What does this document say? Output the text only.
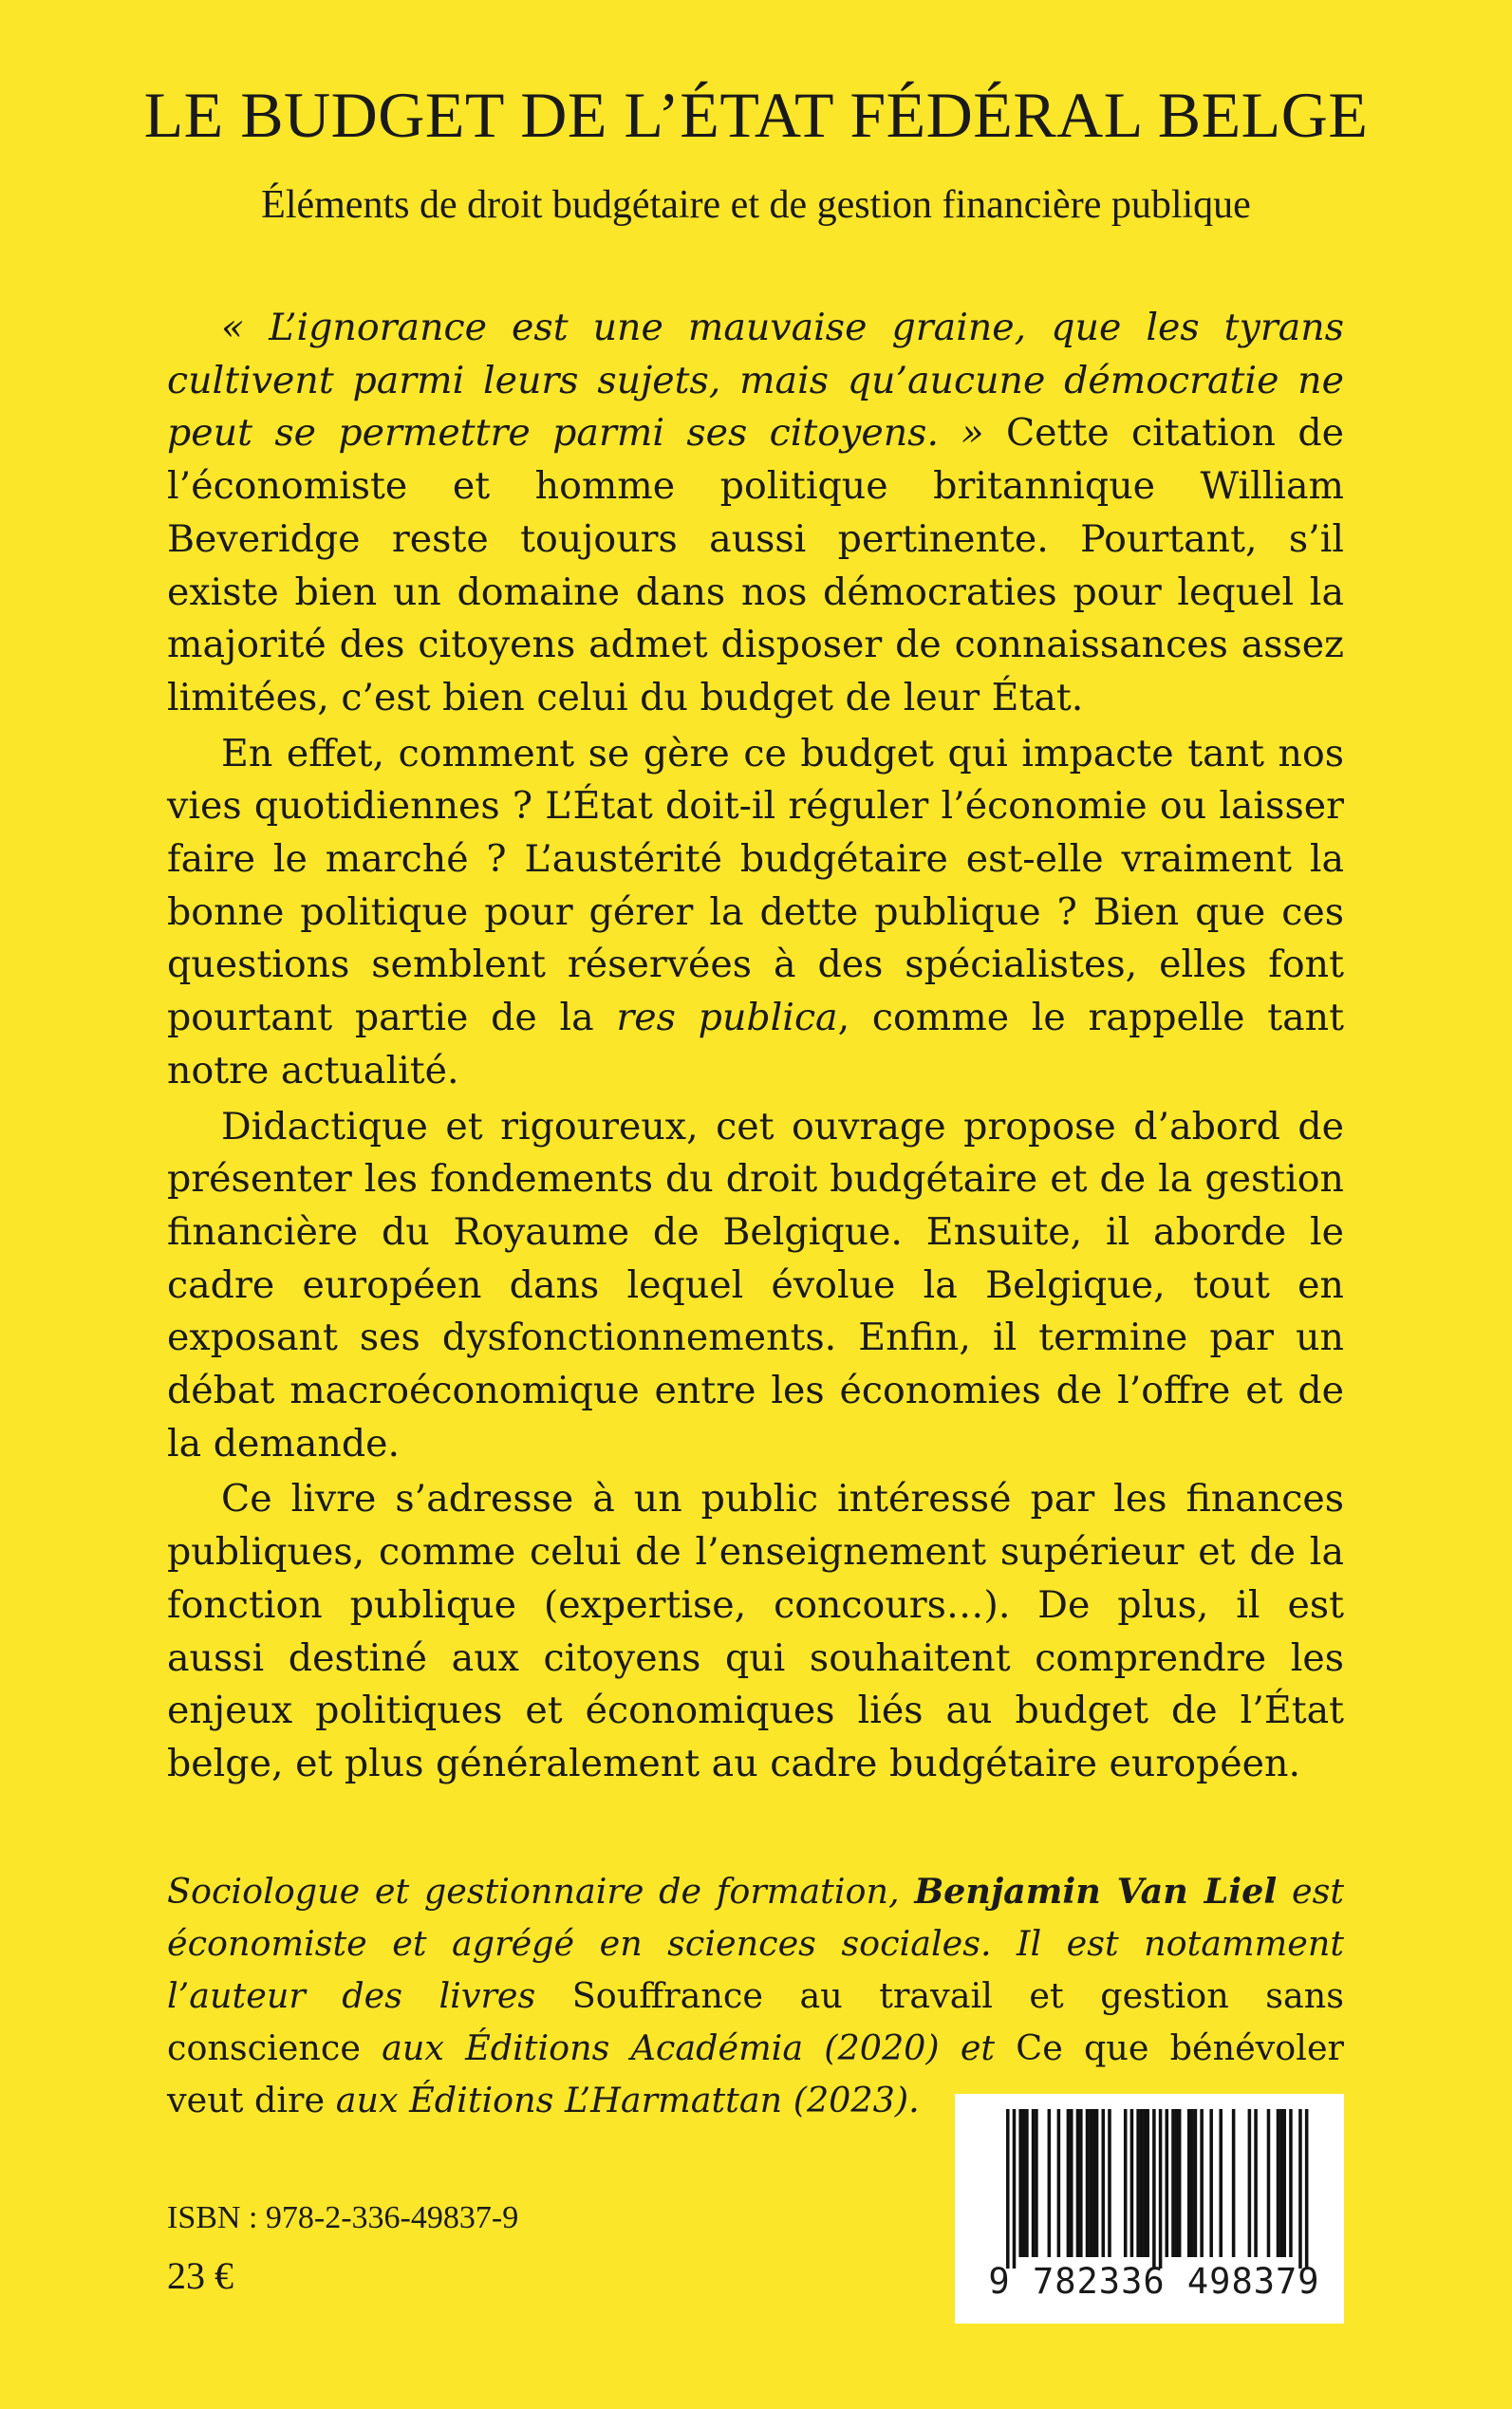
LE BUDGET DE L’ÉTAT FÉDÉRAL BELGE
Éléments de droit budgétaire et de gestion financière publique

« L’ignorance est une mauvaise graine, que les tyrans cultivent parmi leurs sujets, mais qu’aucune démocratie ne peut se permettre parmi ses citoyens. » Cette citation de l’économiste et homme politique britannique William Beveridge reste toujours aussi pertinente. Pourtant, s’il existe bien un domaine dans nos démocraties pour lequel la majorité des citoyens admet disposer de connaissances assez limitées, c’est bien celui du budget de leur État.

En effet, comment se gère ce budget qui impacte tant nos vies quotidiennes ? L’État doit-il réguler l’économie ou laisser faire le marché ? L’austérité budgétaire est-elle vraiment la bonne politique pour gérer la dette publique ? Bien que ces questions semblent réservées à des spécialistes, elles font pourtant partie de la res publica, comme le rappelle tant notre actualité.

Didactique et rigoureux, cet ouvrage propose d’abord de présenter les fondements du droit budgétaire et de la gestion financière du Royaume de Belgique. Ensuite, il aborde le cadre européen dans lequel évolue la Belgique, tout en exposant ses dysfonctionnements. Enfin, il termine par un débat macroéconomique entre les économies de l’offre et de la demande.

Ce livre s’adresse à un public intéressé par les finances publiques, comme celui de l’enseignement supérieur et de la fonction publique (expertise, concours…). De plus, il est aussi destiné aux citoyens qui souhaitent comprendre les enjeux politiques et économiques liés au budget de l’État belge, et plus généralement au cadre budgétaire européen.

Sociologue et gestionnaire de formation, Benjamin Van Liel est économiste et agrégé en sciences sociales. Il est notamment l’auteur des livres Souffrance au travail et gestion sans conscience aux Éditions Académia (2020) et Ce que bénévoler veut dire aux Éditions L’Harmattan (2023).
ISBN : 978-2-336-49837-9
23 €	9 782336 498379
